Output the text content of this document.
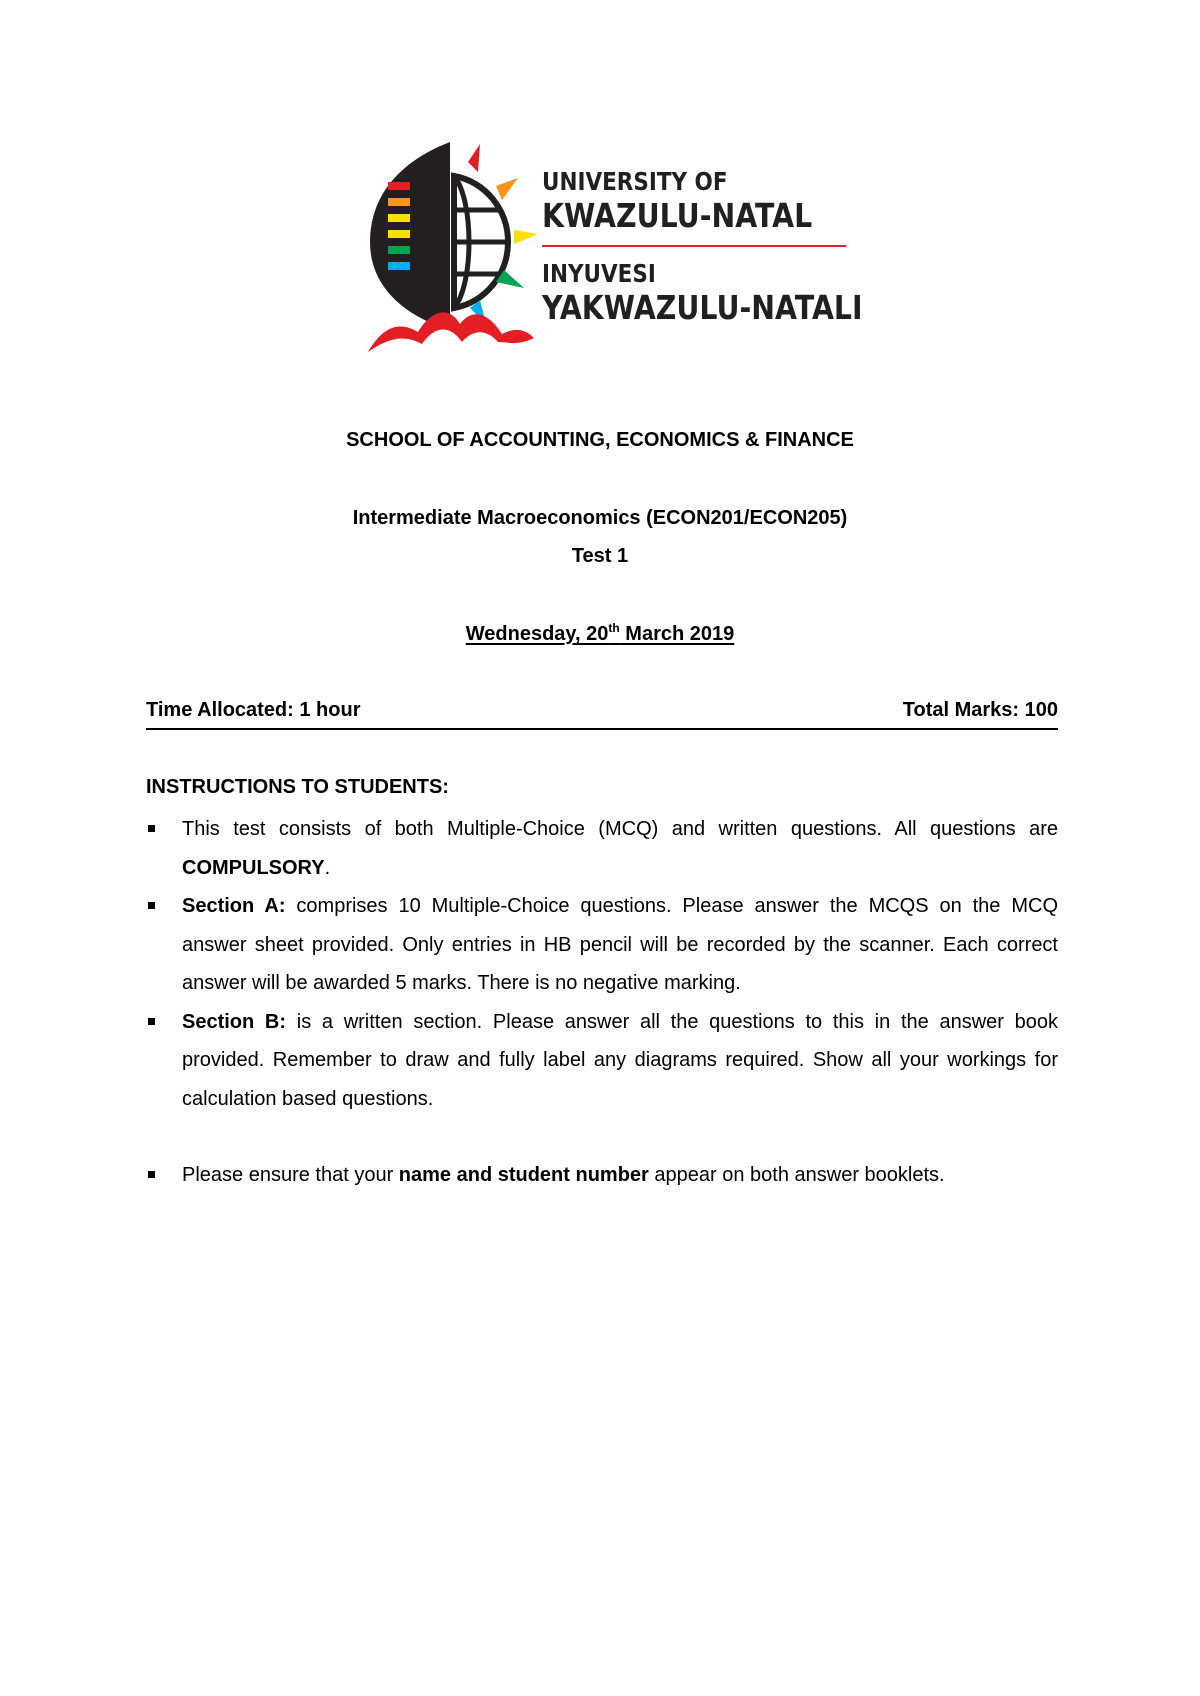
UNIVERSITY OF
KWAZULU-NATAL
INYUVESI
YAKWAZULU-NATALI
SCHOOL OF ACCOUNTING, ECONOMICS & FINANCE
Intermediate Macroeconomics (ECON201/ECON205)
Test 1
Wednesday, 20th March 2019
Time Allocated: 1 hour	Total Marks: 100
INSTRUCTIONS TO STUDENTS:
This test consists of both Multiple-Choice (MCQ) and written questions. All questions are COMPULSORY.
Section A: comprises 10 Multiple-Choice questions. Please answer the MCQS on the MCQ answer sheet provided. Only entries in HB pencil will be recorded by the scanner. Each correct answer will be awarded 5 marks. There is no negative marking.
Section B: is a written section. Please answer all the questions to this in the answer book provided. Remember to draw and fully label any diagrams required. Show all your workings for calculation based questions.
Please ensure that your name and student number appear on both answer booklets.
